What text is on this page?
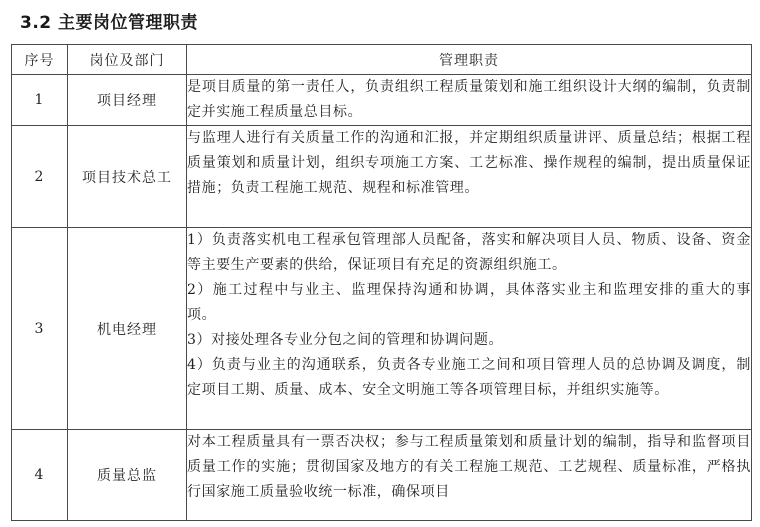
3.2 主要岗位管理职责
序号	岗位及部门	管理职责
1	项目经理	是项目质量的第一责任人，负责组织工程质量策划和施工组织设计大纲的编制，负责制定并实施工程质量总目标。

2	项目技术总工	与监理人进行有关质量工作的沟通和汇报，并定期组织质量讲评、质量总结；根据工程质量策划和质量计划，组织专项施工方案、工艺标准、操作规程的编制，提出质量保证措施；负责工程施工规范、规程和标准管理。

3	机电经理	1）负责落实机电工程承包管理部人员配备，落实和解决项目人员、物质、设备、资金等主要生产要素的供给，保证项目有充足的资源组织施工。
2）施工过程中与业主、监理保持沟通和协调，具体落实业主和监理安排的重大的事项。
3）对接处理各专业分包之间的管理和协调问题。
4）负责与业主的沟通联系，负责各专业施工之间和项目管理人员的总协调及调度，制定项目工期、质量、成本、安全文明施工等各项管理目标，并组织实施等。

4	质量总监	对本工程质量具有一票否决权；参与工程质量策划和质量计划的编制，指导和监督项目质量工作的实施；贯彻国家及地方的有关工程施工规范、工艺规程、质量标准，严格执行国家施工质量验收统一标准，确保项目
